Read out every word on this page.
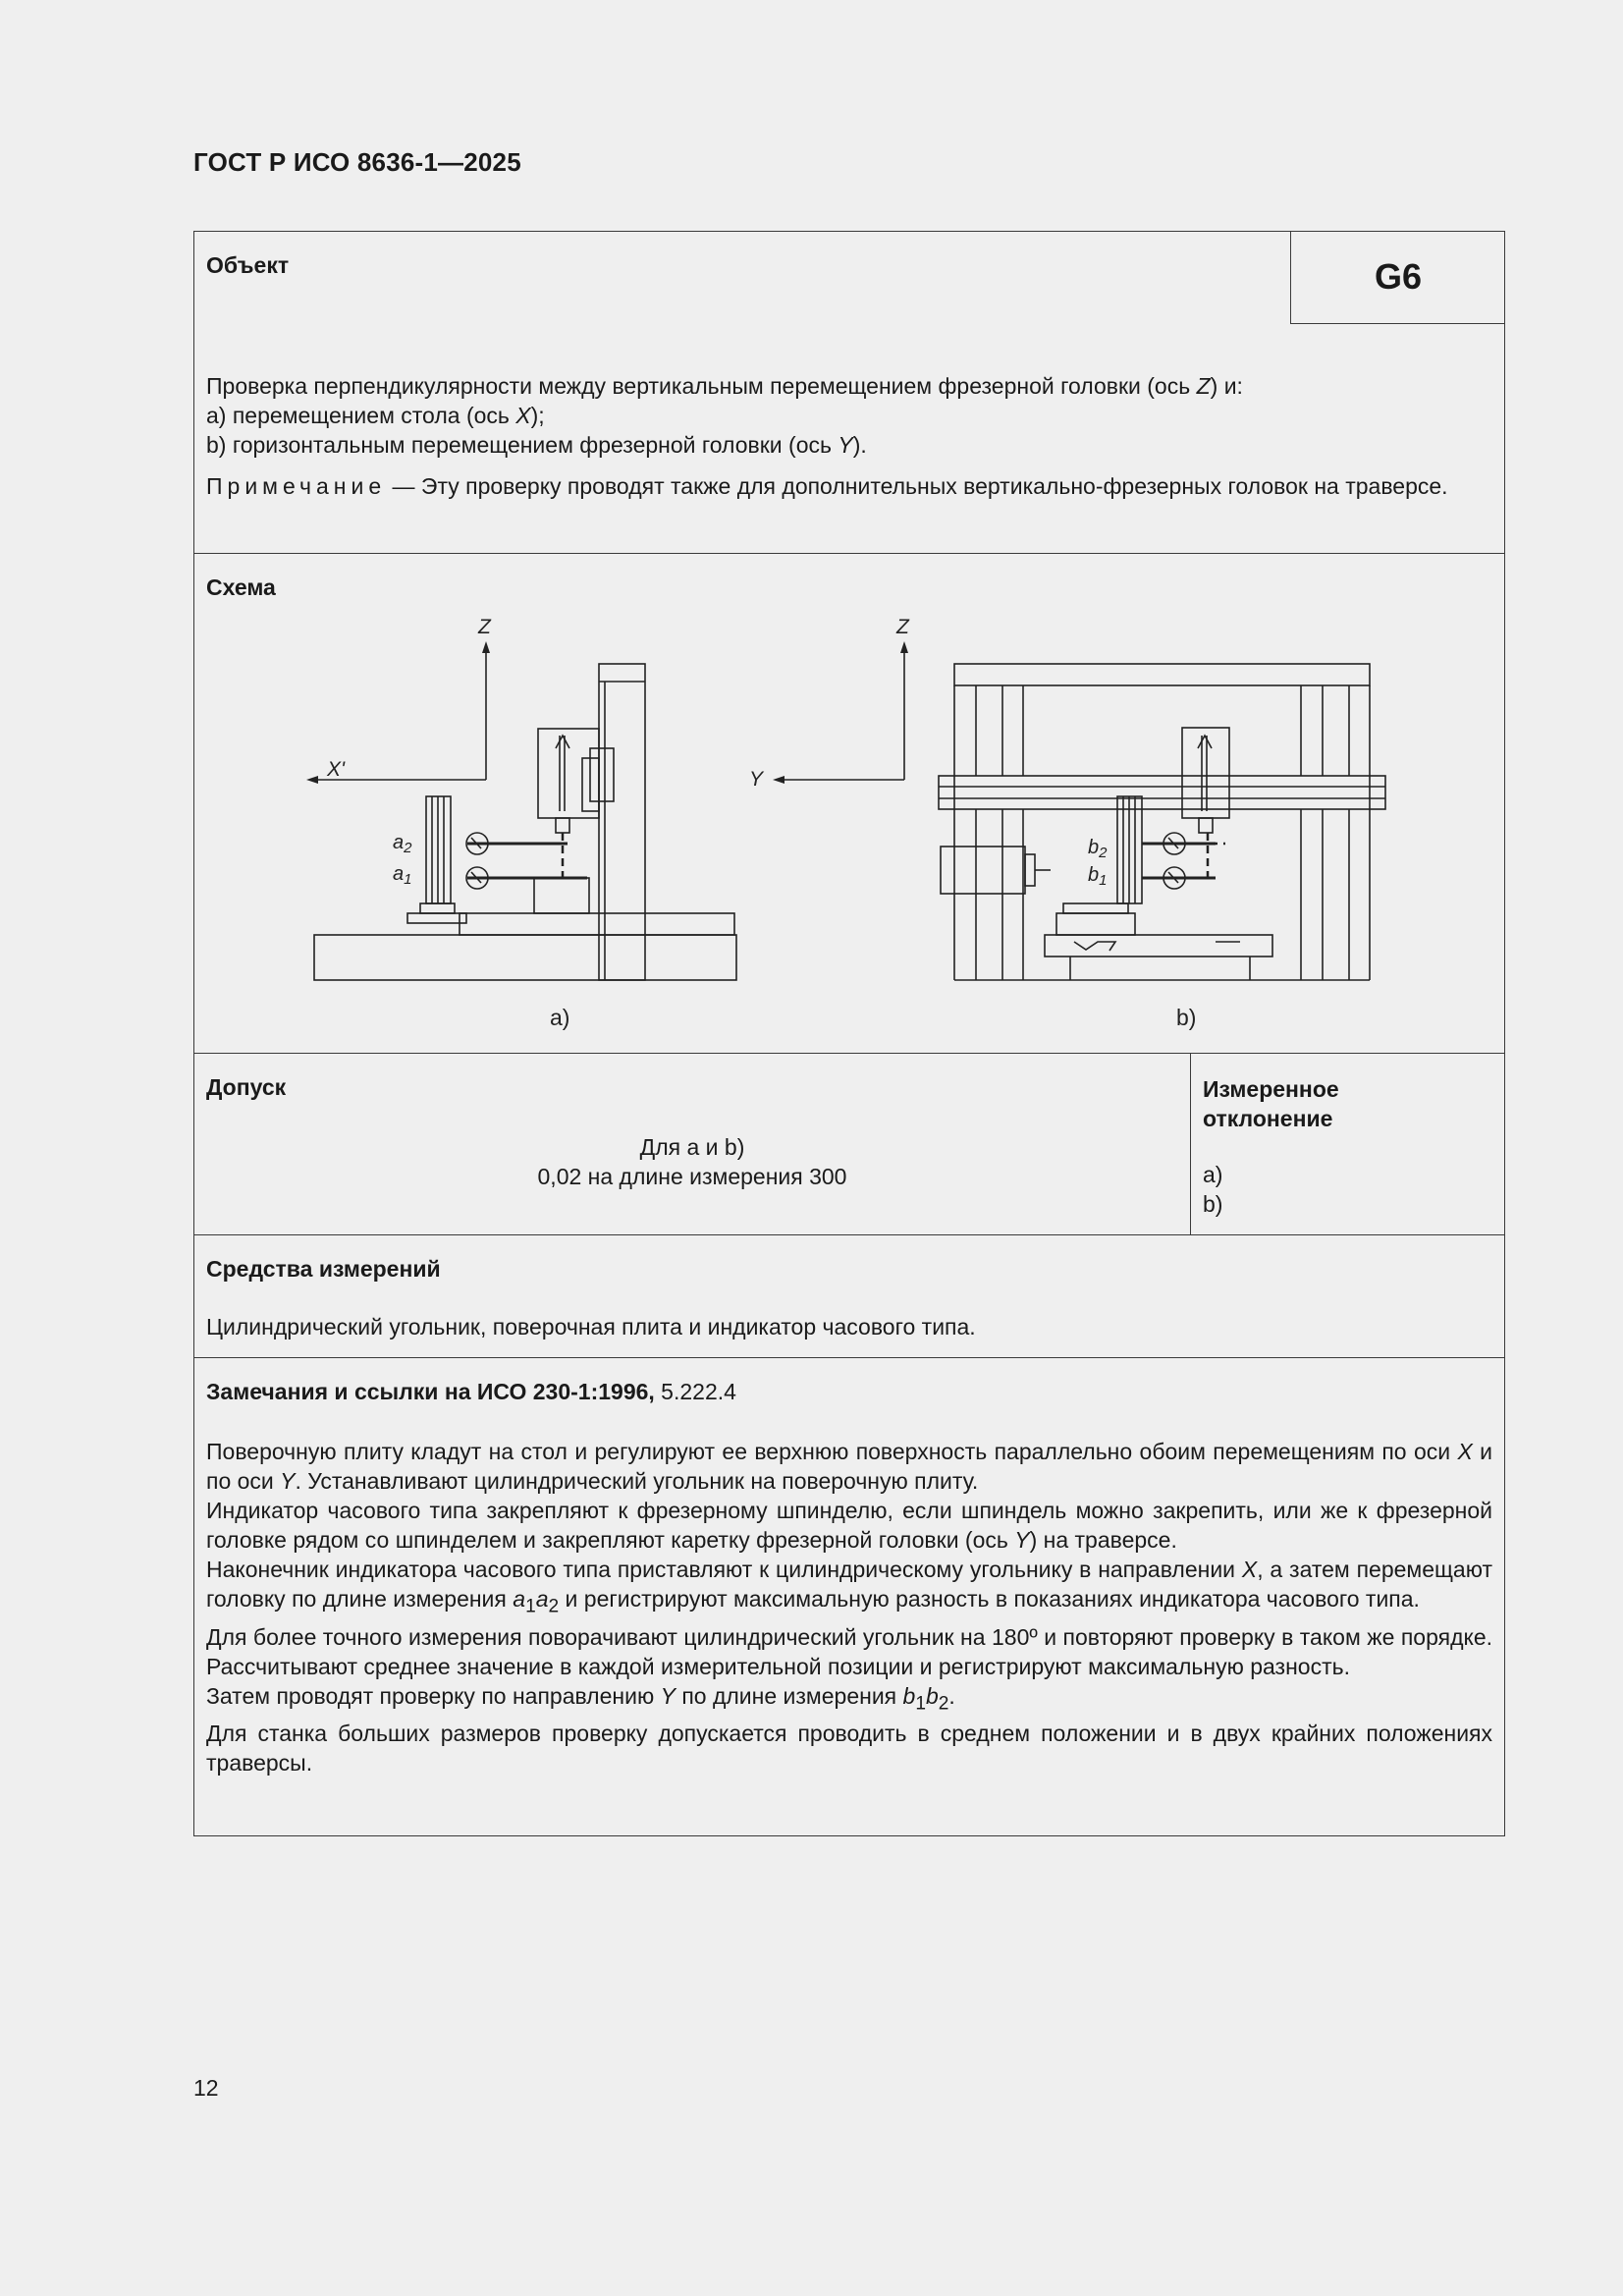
ГОСТ Р ИСО 8636-1—2025
Объект	G6
Проверка перпендикулярности между вертикальным перемещением фрезерной головки (ось Z) и:
a) перемещением стола (ось X);
b) горизонтальным перемещением фрезерной головки (ось Y).
Примечание — Эту проверку проводят также для дополнительных вертикально-фрезерных головок на траверсе.
Z
X'
$a_2$
$a_1$
a)
Z
Y
$b_2$
$b_1$
b)
Схема
Допуск
Для a и b)
0,02 на длине измерения 300
Измеренное
отклонение
a)
b)
Средства измерений
Цилиндрический угольник, поверочная плита и индикатор часового типа.
Замечания и ссылки на ИСО 230-1:1996, 5.222.4

Поверочную плиту кладут на стол и регулируют ее верхнюю поверхность параллельно обоим перемещениям по оси X и по оси Y. Устанавливают цилиндрический угольник на поверочную плиту.

Индикатор часового типа закрепляют к фрезерному шпинделю, если шпиндель можно закрепить, или же к фрезерной головке рядом со шпинделем и закрепляют каретку фрезерной головки (ось Y) на траверсе.

Наконечник индикатора часового типа приставляют к цилиндрическому угольнику в направлении X, а затем перемещают головку по длине измерения $a_1a_2$ и регистрируют максимальную разность в показаниях индикатора часового типа.

Для более точного измерения поворачивают цилиндрический угольник на 180º и повторяют проверку в таком же порядке. Рассчитывают среднее значение в каждой измерительной позиции и регистрируют максимальную разность.

Затем проводят проверку по направлению Y по длине измерения $b_1b_2$.

Для станка больших размеров проверку допускается проводить в среднем положении и в двух крайних положениях траверсы.

12
